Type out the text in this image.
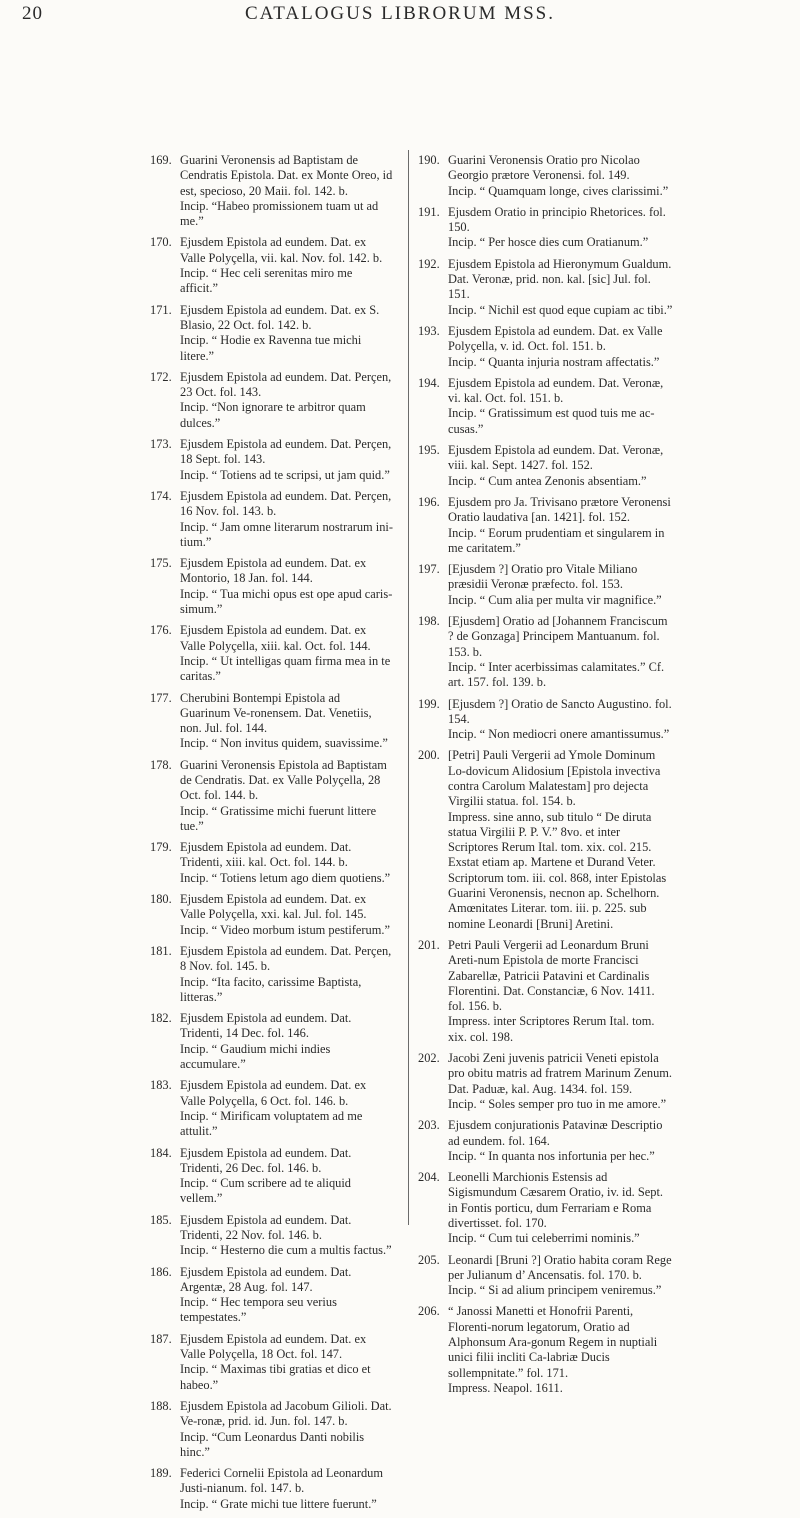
20	CATALOGUS LIBRORUM MSS.
169. Guarini Veronensis ad Baptistam de Cendratis Epistola. Dat. ex Monte Oreo, id est, specioso, 20 Maii. fol. 142. b.
Incip. “Habeo promissionem tuam ut ad me.”
170. Ejusdem Epistola ad eundem. Dat. ex Valle Polyçella, vii. kal. Nov. fol. 142. b.
Incip. “ Hec celi serenitas miro me afficit.”
171. Ejusdem Epistola ad eundem. Dat. ex S. Blasio, 22 Oct. fol. 142. b.
Incip. “ Hodie ex Ravenna tue michi litere.”
172. Ejusdem Epistola ad eundem. Dat. Perçen, 23 Oct. fol. 143.
Incip. “Non ignorare te arbitror quam dulces.”
173. Ejusdem Epistola ad eundem. Dat. Perçen, 18 Sept. fol. 143.
Incip. “ Totiens ad te scripsi, ut jam quid.”
174. Ejusdem Epistola ad eundem. Dat. Perçen, 16 Nov. fol. 143. b.
Incip. “ Jam omne literarum nostrarum ini-tium.”
175. Ejusdem Epistola ad eundem. Dat. ex Montorio, 18 Jan. fol. 144.
Incip. “ Tua michi opus est ope apud caris-simum.”
176. Ejusdem Epistola ad eundem. Dat. ex Valle Polyçella, xiii. kal. Oct. fol. 144.
Incip. “ Ut intelligas quam firma mea in te caritas.”
177. Cherubini Bontempi Epistola ad Guarinum Ve-ronensem. Dat. Venetiis, non. Jul. fol. 144.
Incip. “ Non invitus quidem, suavissime.”
178. Guarini Veronensis Epistola ad Baptistam de Cendratis. Dat. ex Valle Polyçella, 28 Oct. fol. 144. b.
Incip. “ Gratissime michi fuerunt littere tue.”
179. Ejusdem Epistola ad eundem. Dat. Tridenti, xiii. kal. Oct. fol. 144. b.
Incip. “ Totiens letum ago diem quotiens.”
180. Ejusdem Epistola ad eundem. Dat. ex Valle Polyçella, xxi. kal. Jul. fol. 145.
Incip. “ Video morbum istum pestiferum.”
181. Ejusdem Epistola ad eundem. Dat. Perçen, 8 Nov. fol. 145. b.
Incip. “Ita facito, carissime Baptista, litteras.”
182. Ejusdem Epistola ad eundem. Dat. Tridenti, 14 Dec. fol. 146.
Incip. “ Gaudium michi indies accumulare.”
183. Ejusdem Epistola ad eundem. Dat. ex Valle Polyçella, 6 Oct. fol. 146. b.
Incip. “ Mirificam voluptatem ad me attulit.”
184. Ejusdem Epistola ad eundem. Dat. Tridenti, 26 Dec. fol. 146. b.
Incip. “ Cum scribere ad te aliquid vellem.”
185. Ejusdem Epistola ad eundem. Dat. Tridenti, 22 Nov. fol. 146. b.
Incip. “ Hesterno die cum a multis factus.”
186. Ejusdem Epistola ad eundem. Dat. Argentæ, 28 Aug. fol. 147.
Incip. “ Hec tempora seu verius tempestates.”
187. Ejusdem Epistola ad eundem. Dat. ex Valle Polyçella, 18 Oct. fol. 147.
Incip. “ Maximas tibi gratias et dico et habeo.”
188. Ejusdem Epistola ad Jacobum Gilioli. Dat. Ve-ronæ, prid. id. Jun. fol. 147. b.
Incip. “Cum Leonardus Danti nobilis hinc.”
189. Federici Cornelii Epistola ad Leonardum Justi-nianum. fol. 147. b.
Incip. “ Grate michi tue littere fuerunt.”
190. Guarini Veronensis Oratio pro Nicolao Georgio prætore Veronensi. fol. 149.
Incip. “ Quamquam longe, cives clarissimi.”
191. Ejusdem Oratio in principio Rhetorices. fol. 150.
Incip. “ Per hosce dies cum Oratianum.”
192. Ejusdem Epistola ad Hieronymum Gualdum. Dat. Veronæ, prid. non. kal. [sic] Jul. fol. 151.
Incip. “ Nichil est quod eque cupiam ac tibi.”
193. Ejusdem Epistola ad eundem. Dat. ex Valle Polyçella, v. id. Oct. fol. 151. b.
Incip. “ Quanta injuria nostram affectatis.”
194. Ejusdem Epistola ad eundem. Dat. Veronæ, vi. kal. Oct. fol. 151. b.
Incip. “ Gratissimum est quod tuis me ac-cusas.”
195. Ejusdem Epistola ad eundem. Dat. Veronæ, viii. kal. Sept. 1427. fol. 152.
Incip. “ Cum antea Zenonis absentiam.”
196. Ejusdem pro Ja. Trivisano prætore Veronensi Oratio laudativa [an. 1421]. fol. 152.
Incip. “ Eorum prudentiam et singularem in me caritatem.”
197. [Ejusdem ?] Oratio pro Vitale Miliano præsidii Veronæ præfecto. fol. 153.
Incip. “ Cum alia per multa vir magnifice.”
198. [Ejusdem] Oratio ad [Johannem Franciscum ? de Gonzaga] Principem Mantuanum. fol. 153. b.
Incip. “ Inter acerbissimas calamitates.” Cf. art. 157. fol. 139. b.
199. [Ejusdem ?] Oratio de Sancto Augustino. fol. 154.
Incip. “ Non mediocri onere amantissumus.”
200. [Petri] Pauli Vergerii ad Ymole Dominum Lo-dovicum Alidosium [Epistola invectiva contra Carolum Malatestam] pro dejecta Virgilii statua. fol. 154. b.
Impress. sine anno, sub titulo “ De diruta statua Virgilii P. P. V.” 8vo. et inter Scriptores Rerum Ital. tom. xix. col. 215. Exstat etiam ap. Martene et Durand Veter. Scriptorum tom. iii. col. 868, inter Epistolas Guarini Veronensis, necnon ap. Schelhorn. Amœnitates Literar. tom. iii. p. 225. sub nomine Leonardi [Bruni] Aretini.
201. Petri Pauli Vergerii ad Leonardum Bruni Areti-num Epistola de morte Francisci Zabarellæ, Patricii Patavini et Cardinalis Florentini. Dat. Constanciæ, 6 Nov. 1411. fol. 156. b.
Impress. inter Scriptores Rerum Ital. tom. xix. col. 198.
202. Jacobi Zeni juvenis patricii Veneti epistola pro obitu matris ad fratrem Marinum Zenum. Dat. Paduæ, kal. Aug. 1434. fol. 159.
Incip. “ Soles semper pro tuo in me amore.”
203. Ejusdem conjurationis Patavinæ Descriptio ad eundem. fol. 164.
Incip. “ In quanta nos infortunia per hec.”
204. Leonelli Marchionis Estensis ad Sigismundum Cæsarem Oratio, iv. id. Sept. in Fontis porticu, dum Ferrariam e Roma divertisset. fol. 170.
Incip. “ Cum tui celeberrimi nominis.”
205. Leonardi [Bruni ?] Oratio habita coram Rege per Julianum d’ Ancensatis. fol. 170. b.
Incip. “ Si ad alium principem veniremus.”
206. “ Janossi Manetti et Honofrii Parenti, Florenti-norum legatorum, Oratio ad Alphonsum Ara-gonum Regem in nuptiali unici filii incliti Ca-labriæ Ducis sollempnitate.” fol. 171.
Impress. Neapol. 1611.
